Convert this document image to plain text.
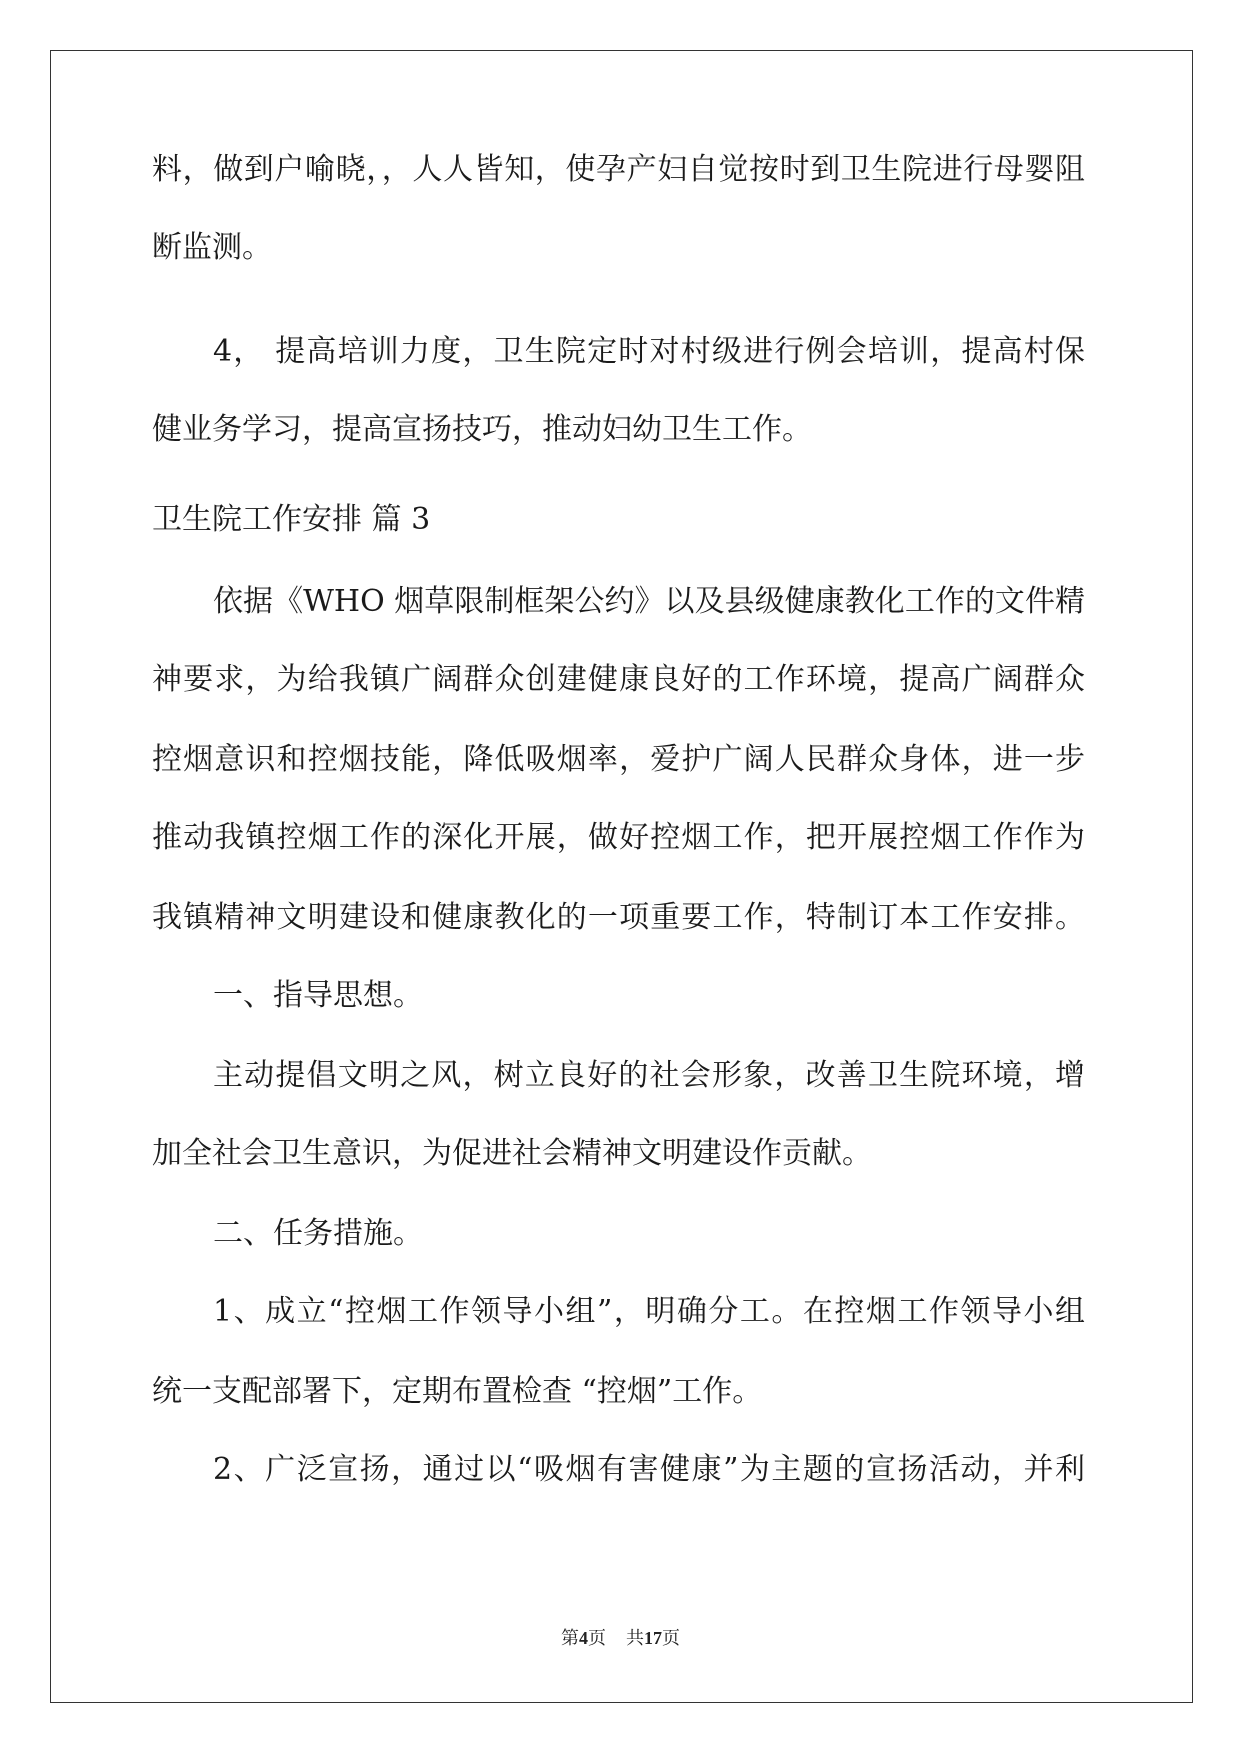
料，做到户喻晓，，人人皆知，使孕产妇自觉按时到卫生院进行母婴阻
断监测。
4， 提高培训力度，卫生院定时对村级进行例会培训，提高村保
健业务学习，提高宣扬技巧，推动妇幼卫生工作。
卫生院工作安排 篇 3
依据《WHO 烟草限制框架公约》以及县级健康教化工作的文件精
神要求，为给我镇广阔群众创建健康良好的工作环境，提高广阔群众
控烟意识和控烟技能，降低吸烟率，爱护广阔人民群众身体，进一步
推动我镇控烟工作的深化开展，做好控烟工作，把开展控烟工作作为
我镇精神文明建设和健康教化的一项重要工作，特制订本工作安排。
一、指导思想。
主动提倡文明之风，树立良好的社会形象，改善卫生院环境，增
加全社会卫生意识，为促进社会精神文明建设作贡献。
二、任务措施。
1、成立“控烟工作领导小组”，明确分工。在控烟工作领导小组
统一支配部署下，定期布置检查 “控烟”工作。
2、广泛宣扬，通过以“吸烟有害健康”为主题的宣扬活动，并利
第4页 共17页
